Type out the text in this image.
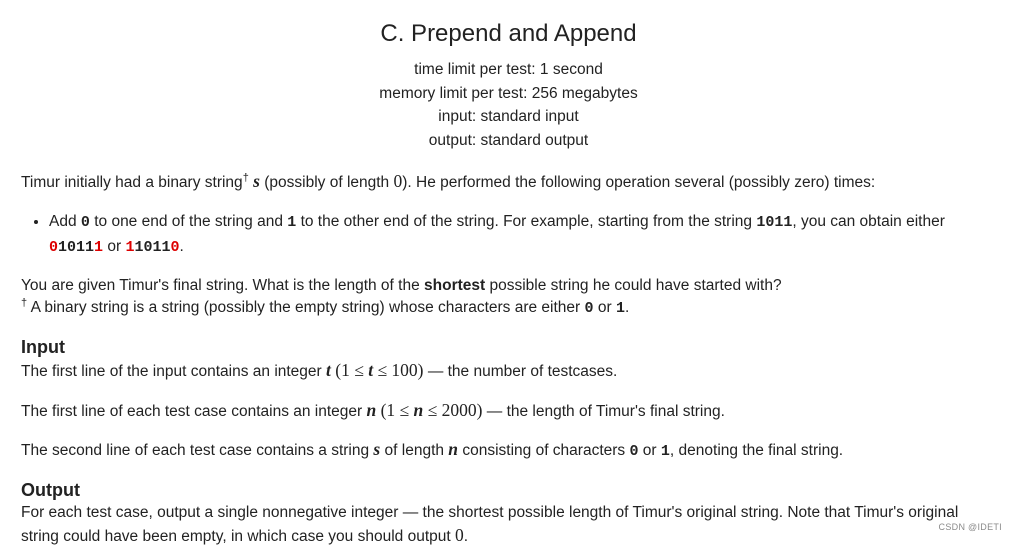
C. Prepend and Append
time limit per test: 1 second
memory limit per test: 256 megabytes
input: standard input
output: standard output
Timur initially had a binary string† s (possibly of length 0). He performed the following operation several (possibly zero) times:
• Add 0 to one end of the string and 1 to the other end of the string. For example, starting from the string 1011, you can obtain either
010111 or 110110.
You are given Timur's final string. What is the length of the shortest possible string he could have started with?
† A binary string is a string (possibly the empty string) whose characters are either 0 or 1.
Input
The first line of the input contains an integer t (1 ≤ t ≤ 100) — the number of testcases.
The first line of each test case contains an integer n (1 ≤ n ≤ 2000) — the length of Timur's final string.
The second line of each test case contains a string s of length n consisting of characters 0 or 1, denoting the final string.
Output
For each test case, output a single nonnegative integer — the shortest possible length of Timur's original string. Note that Timur's original string could have been empty, in which case you should output 0.
CSDN @IDETI
